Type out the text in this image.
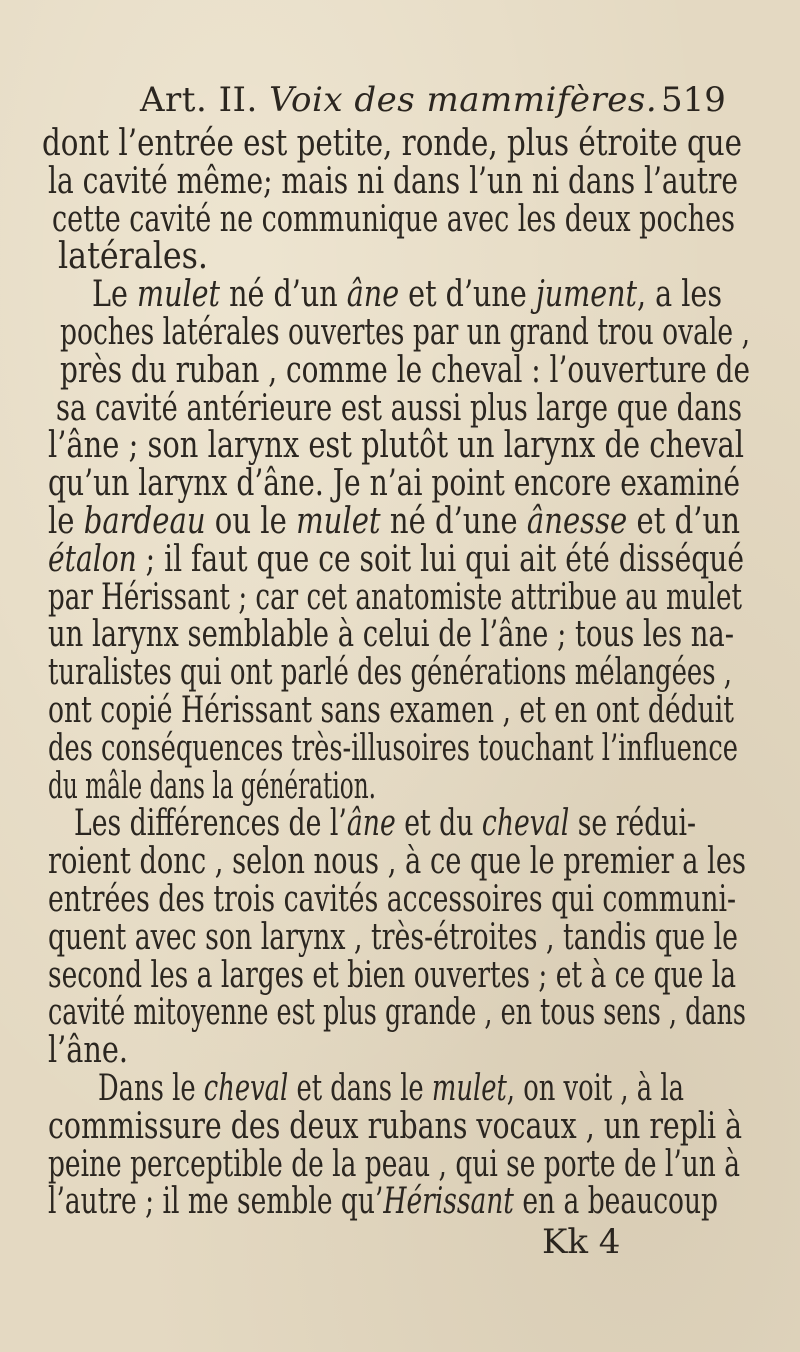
Art. II. Voix des mammifères. 519
dont l’entrée est petite, ronde, plus étroite que
la cavité même; mais ni dans l’un ni dans l’autre
cette cavité ne communique avec les deux poches
latérales.
Le mulet né d’un âne et d’une jument, a les
poches latérales ouvertes par un grand trou ovale ,
près du ruban , comme le cheval : l’ouverture de
sa cavité antérieure est aussi plus large que dans
l’âne ; son larynx est plutôt un larynx de cheval
qu’un larynx d’âne. Je n’ai point encore examiné
le bardeau ou le mulet né d’une ânesse et d’un
étalon ; il faut que ce soit lui qui ait été disséqué
par Hérissant ; car cet anatomiste attribue au mulet
un larynx semblable à celui de l’âne ; tous les na-
turalistes qui ont parlé des générations mélangées ,
ont copié Hérissant sans examen , et en ont déduit
des conséquences très-illusoires touchant l’influence
du mâle dans la génération.
Les différences de l’âne et du cheval se rédui-
roient donc , selon nous , à ce que le premier a les
entrées des trois cavités accessoires qui communi-
quent avec son larynx , très-étroites , tandis que le
second les a larges et bien ouvertes ; et à ce que la
cavité mitoyenne est plus grande , en tous sens , dans
l’âne.
Dans le cheval et dans le mulet, on voit , à la
commissure des deux rubans vocaux , un repli à
peine perceptible de la peau , qui se porte de l’un à
l’autre ; il me semble qu’Hérissant en a beaucoup
Kk 4
